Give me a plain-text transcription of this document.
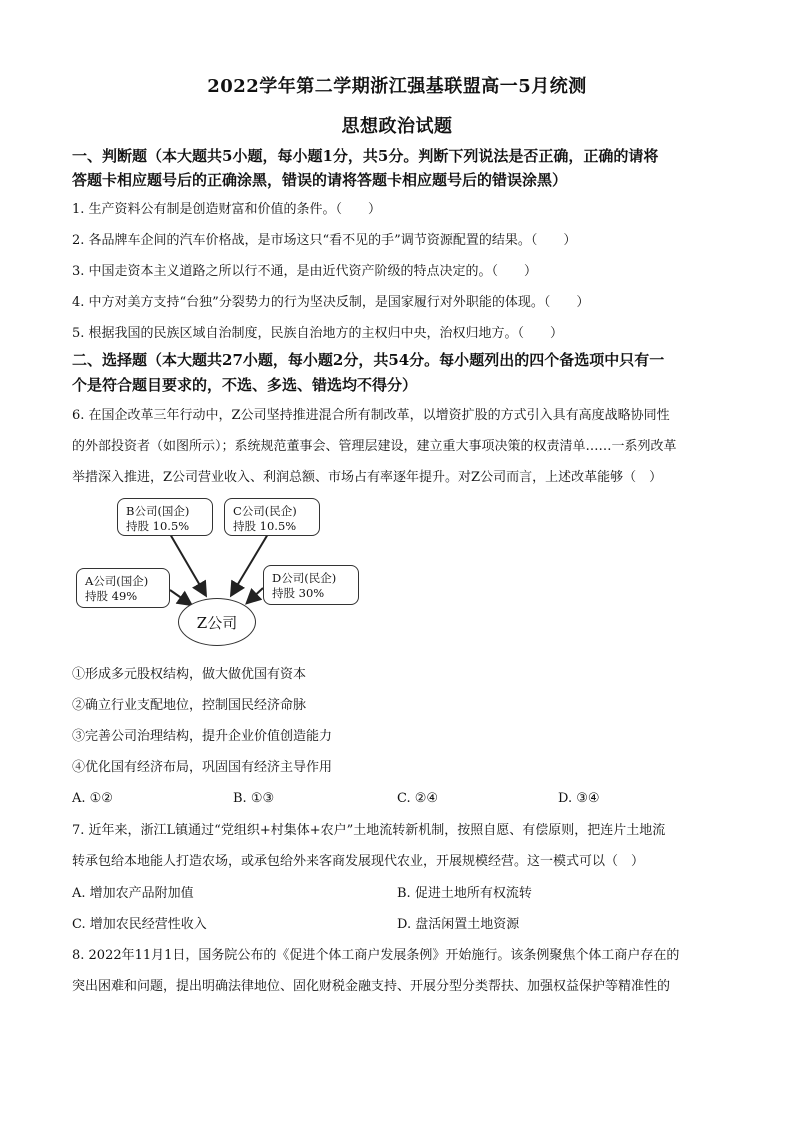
2022学年第二学期浙江强基联盟高一5月统测
思想政治试题

一、判断题（本大题共5小题，每小题1分，共5分。判断下列说法是否正确，正确的请将

答题卡相应题号后的正确涂黑，错误的请将答题卡相应题号后的错误涂黑）

1. 生产资料公有制是创造财富和价值的条件。（　　）

2. 各品牌车企间的汽车价格战，是市场这只“看不见的手”调节资源配置的结果。（　　）

3. 中国走资本主义道路之所以行不通，是由近代资产阶级的特点决定的。（　　）

4. 中方对美方支持“台独”分裂势力的行为坚决反制，是国家履行对外职能的体现。（　　）

5. 根据我国的民族区域自治制度，民族自治地方的主权归中央，治权归地方。（　　）

二、选择题（本大题共27小题，每小题2分，共54分。每小题列出的四个备选项中只有一

个是符合题目要求的，不选、多选、错选均不得分）

6. 在国企改革三年行动中，Z公司坚持推进混合所有制改革，以增资扩股的方式引入具有高度战略协同性

的外部投资者（如图所示）；系统规范董事会、管理层建设，建立重大事项决策的权责清单……一系列改革

举措深入推进，Z公司营业收入、利润总额、市场占有率逐年提升。对Z公司而言，上述改革能够（　）

B公司(国企)
持股 10.5%
C公司(民企)
持股 10.5%
A公司(国企)
持股 49%
D公司(民企)
持股 30%
Z公司

①形成多元股权结构，做大做优国有资本

②确立行业支配地位，控制国民经济命脉

③完善公司治理结构，提升企业价值创造能力

④优化国有经济布局，巩固国有经济主导作用

A. ①②	B. ①③	C. ②④	D. ③④

7. 近年来，浙江L镇通过“党组织+村集体+农户”土地流转新机制，按照自愿、有偿原则，把连片土地流

转承包给本地能人打造农场，或承包给外来客商发展现代农业，开展规模经营。这一模式可以（　）

A. 增加农产品附加值	B. 促进土地所有权流转
C. 增加农民经营性收入	D. 盘活闲置土地资源

8. 2022年11月1日，国务院公布的《促进个体工商户发展条例》开始施行。该条例聚焦个体工商户存在的

突出困难和问题，提出明确法律地位、固化财税金融支持、开展分型分类帮扶、加强权益保护等精准性的
